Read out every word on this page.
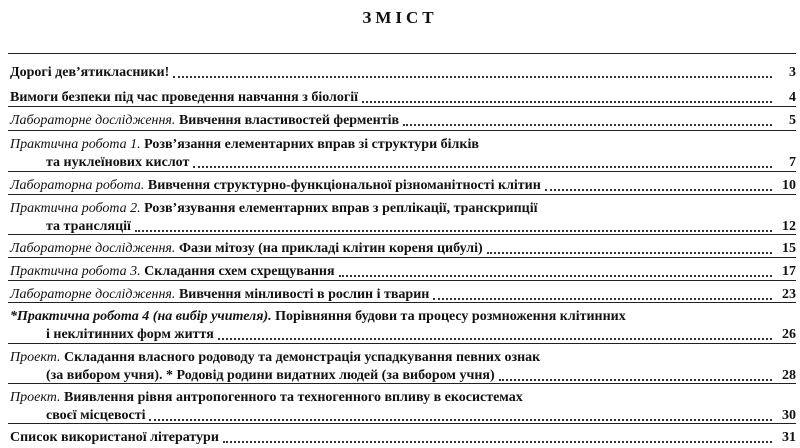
ЗМІСТ
Дорогі дев’ятикласники!	3
Вимоги безпеки під час проведення навчання з біології	4
Лабораторне дослідження. Вивчення властивостей ферментів	5
Практична робота 1. Розв’язання елементарних вправ зі структури білків
та нуклеїнових кислот	7
Лабораторна робота. Вивчення структурно-функціональної різноманітності клітин	10
Практична робота 2. Розв’язування елементарних вправ з реплікації, транскрипції
та трансляції	12
Лабораторне дослідження. Фази мітозу (на прикладі клітин кореня цибулі)	15
Практична робота 3. Складання схем схрещування	17
Лабораторне дослідження. Вивчення мінливості в рослин і тварин	23
*Практична робота 4 (на вибір учителя). Порівняння будови та процесу розмноження клітинних
і неклітинних форм життя	26
Проект. Складання власного родоводу та демонстрація успадкування певних ознак
(за вибором учня). * Родовід родини видатних людей (за вибором учня)	28
Проект. Виявлення рівня антропогенного та техногенного впливу в екосистемах
своєї місцевості	30
Список використаної літератури	31
